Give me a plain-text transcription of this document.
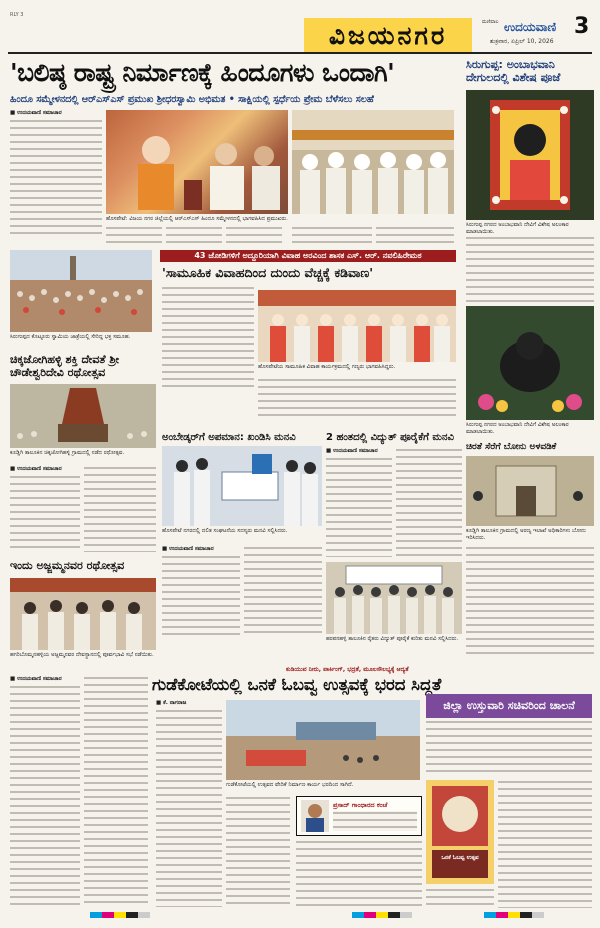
RLY 3
ವಿಜಯನಗರ	ಮಣಿಪಾಲ ಉದಯವಾಣಿ 3
ಶುಕ್ರವಾರ, ಏಪ್ರಿಲ್ 10, 2026
'ಬಲಿಷ್ಠ ರಾಷ್ಟ್ರ ನಿರ್ಮಾಣಕ್ಕೆ ಹಿಂದೂಗಳು ಒಂದಾಗಿ'
ಹಿಂದೂ ಸಮ್ಮೇಳನದಲ್ಲಿ ಆರ್‌ಎಸ್‌ಎಸ್‌ ಪ್ರಮುಖ ಶ್ರೀಧರಸ್ವಾಮಿ ಅಭಿಮತ • ಸಾಕ್ಷಿಯಲ್ಲಿ ಸ್ಪರ್ಧೆಯ ಪ್ರೇಮ ಬೆಳೆಸಲು ಸಲಹೆ
■ ಉದಯವಾಣಿ ಸಮಾಚಾರ
ಹೊಸಪೇಟೆ: ವಿಜಯ ನಗರ ಜಿಲ್ಲೆಯಲ್ಲಿ ಆರ್‌ಎಸ್‌ಎಸ್‌ ಹಿಂದೂ ಸಮ್ಮೇಳನದಲ್ಲಿ ಭಾಗವಹಿಸಿದ ಪ್ರಮುಖರು.
ಸಿರುಗುಪ್ಪ: ಅಂಬಾಭವಾನಿ ದೇಗುಲದಲ್ಲಿ ವಿಶೇಷ ಪೂಜೆ
ಸಿರುಗುಪ್ಪ ನಗರದ ಅಂಬಾಭವಾನಿ ದೇವಿಗೆ ವಿಶೇಷ ಅಲಂಕಾರ ಮಾಡಲಾಯಿತು.
ಸಿರುಗುಪ್ಪದ ಕೊಟ್ಟೂರು ಸ್ವಾಮಿಯ ಜಾತ್ರೆಯಲ್ಲಿ ಸೇರಿದ್ದ ಭಕ್ತ ಸಮೂಹ.
43 ಜೋಡಿಗಳಿಗೆ ಅದ್ದೂರಿಯಾಗಿ ವಿವಾಹ ಅರವಿಂದ ಶಾಸಕ ಎಸ್. ಆರ್. ನವಲಿಹಿರೇಮಠ
'ಸಾಮೂಹಿಕ ವಿವಾಹದಿಂದ ದುಂದು ವೆಚ್ಚಕ್ಕೆ ಕಡಿವಾಣ'
ಹೊಸಪೇಟೆಯ ಸಾಮೂಹಿಕ ವಿವಾಹ ಕಾರ್ಯಕ್ರಮದಲ್ಲಿ ಗಣ್ಯರು ಭಾಗವಹಿಸಿದ್ದರು.
ಚಿಕ್ಕಜೋಗಿಹಳ್ಳಿ ಶಕ್ತಿ ದೇವತೆ ಶ್ರೀ ಚೌಡೇಶ್ವರಿದೇವಿ ರಥೋತ್ಸವ
ಕೂಡ್ಲಿಗಿ ತಾಲೂಕಿನ ಚಿಕ್ಕಜೋಗಿಹಳ್ಳಿ ಗ್ರಾಮದಲ್ಲಿ ನಡೆದ ರಥೋತ್ಸವ.
■ ಉದಯವಾಣಿ ಸಮಾಚಾರ
ಅಂಬೇಡ್ಕರ್‌ಗೆ ಅಪಮಾನ: ಖಂಡಿಸಿ ಮನವಿ
ಹೊಸಪೇಟೆ ನಗರದಲ್ಲಿ ದಲಿತ ಸಂಘಟನೆಯ ಸದಸ್ಯರು ಮನವಿ ಸಲ್ಲಿಸಿದರು.
■ ಉದಯವಾಣಿ ಸಮಾಚಾರ
2 ಹಂತದಲ್ಲಿ ವಿದ್ಯುತ್ ಪೂರೈಕೆಗೆ ಮನವಿ
■ ಉದಯವಾಣಿ ಸಮಾಚಾರ
ಹರಪನಹಳ್ಳಿ ತಾಲೂಕಿನ ರೈತರು ವಿದ್ಯುತ್ ಪೂರೈಕೆ ಕುರಿತು ಮನವಿ ಸಲ್ಲಿಸಿದರು.
ಸಿರುಗುಪ್ಪ ನಗರದ ಅಂಬಾಭವಾನಿ ದೇವಿಗೆ ವಿಶೇಷ ಅಲಂಕಾರ ಮಾಡಲಾಯಿತು.
ಚಿರತೆ ಸೆರೆಗೆ ಬೋನು ಅಳವಡಿಕೆ
ಕೂಡ್ಲಿಗಿ ತಾಲೂಕಿನ ಗ್ರಾಮದಲ್ಲಿ ಅರಣ್ಯ ಇಲಾಖೆ ಅಧಿಕಾರಿಗಳು ಬೋನು ಇರಿಸಿದರು.
ಇಂದು ಅಜ್ಜಮ್ಮನವರ ರಥೋತ್ಸವ
ಹಗರಿಬೊಮ್ಮನಹಳ್ಳಿಯ ಅಜ್ಜಮ್ಮನವರ ದೇವಸ್ಥಾನದಲ್ಲಿ ಪೂರ್ವಭಾವಿ ಸಭೆ ನಡೆಯಿತು.
ಕುಡಿಯುವ ನೀರು, ಪಾರ್ಕಿಂಗ್, ಭದ್ರತೆ, ಮೂಲಸೌಲಭ್ಯಕ್ಕೆ ಆದ್ಯತೆ
ಗುಡೆಕೋಟೆಯಲ್ಲಿ ಒನಕೆ ಓಬವ್ವ ಉತ್ಸವಕ್ಕೆ ಭರದ ಸಿದ್ಧತೆ
■ ಉದಯವಾಣಿ ಸಮಾಚಾರ
■ ಕೆ. ನಾಗರಾಜ
ಗುಡೆಕೋಟೆಯಲ್ಲಿ ಉತ್ಸವದ ವೇದಿಕೆ ನಿರ್ಮಾಣ ಕಾರ್ಯ ಭರದಿಂದ ಸಾಗಿದೆ.
ಪ್ರಸಾದ್ ಗಾಂಧಾರದ ಕಂಚೆ
ಜಿಲ್ಲಾ ಉಸ್ತುವಾರಿ ಸಚಿವರಿಂದ ಚಾಲನೆ
ಒನಕೆ ಓಬವ್ವ ಉತ್ಸವ
